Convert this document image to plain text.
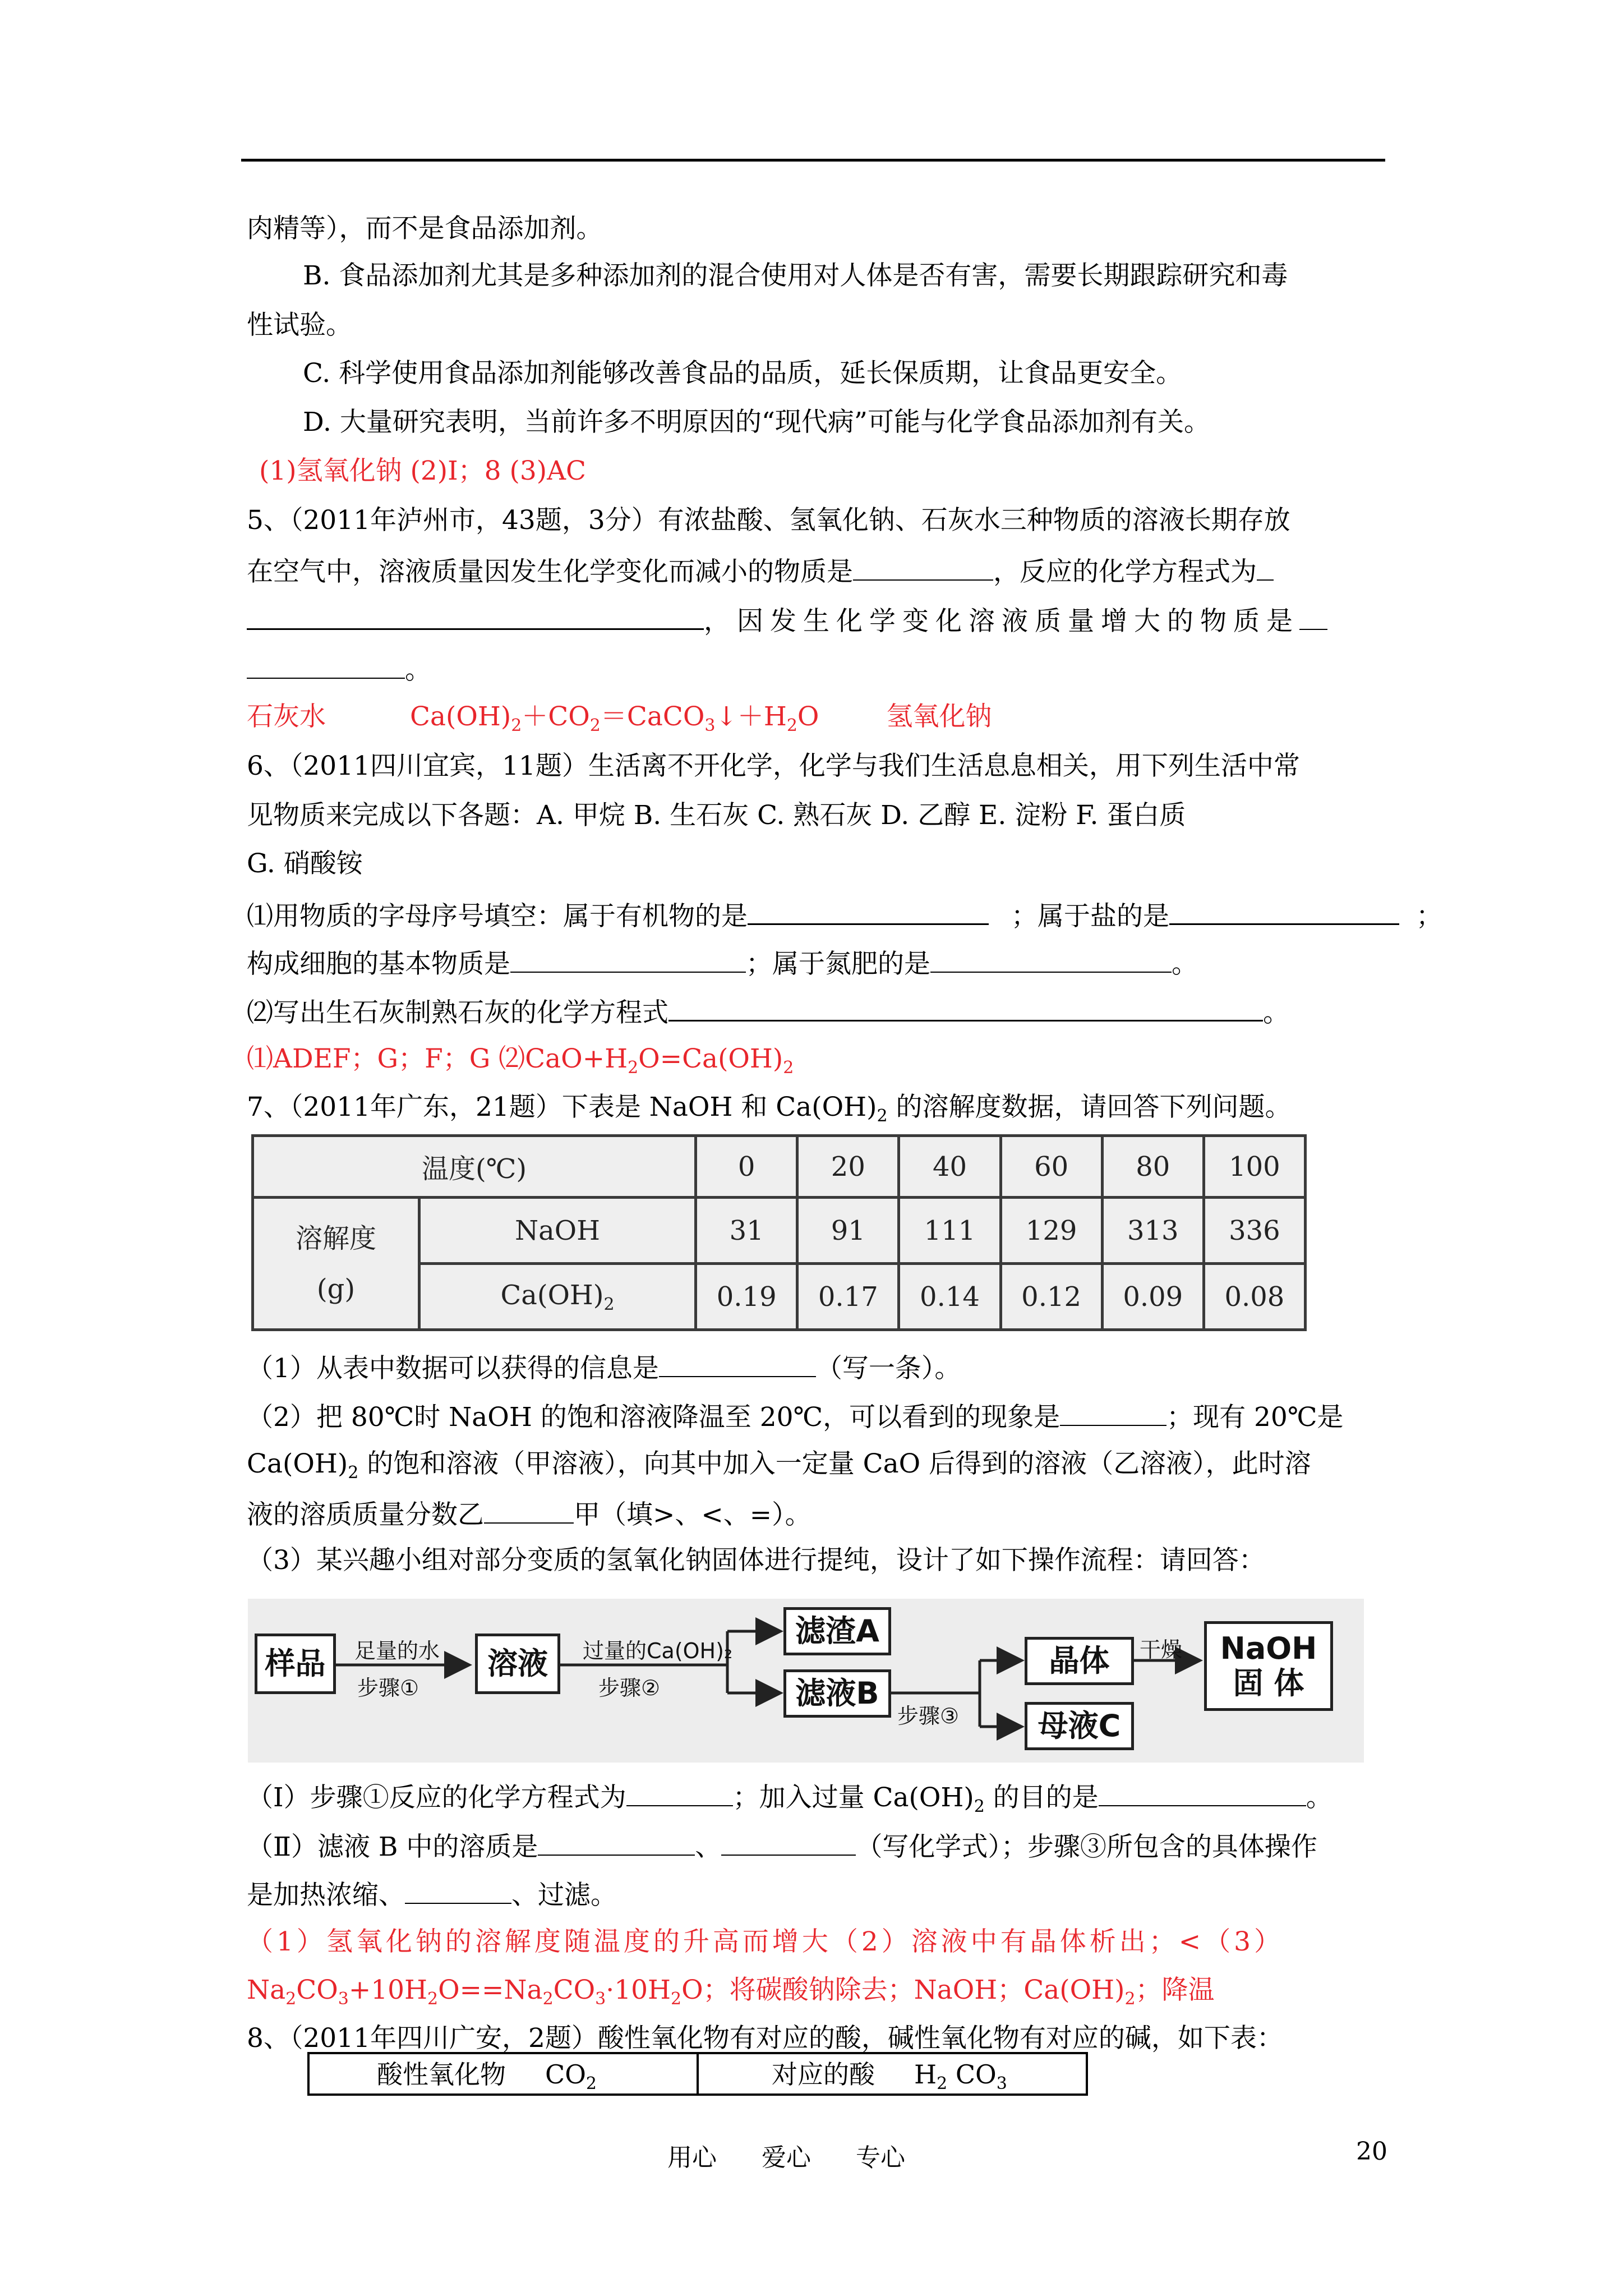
肉精等），而不是食品添加剂。
B. 食品添加剂尤其是多种添加剂的混合使用对人体是否有害，需要长期跟踪研究和毒
性试验。
C. 科学使用食品添加剂能够改善食品的品质，延长保质期，让食品更安全。
D. 大量研究表明，当前许多不明原因的“现代病”可能与化学食品添加剂有关。
(1)氢氧化钠 (2)Ⅰ；8 (3)AC
5、（2011年泸州市，43题，3分）有浓盐酸、氢氧化钠、石灰水三种物质的溶液长期存放
在空气中，溶液质量因发生化学变化而减小的物质是	，反应的化学方程式为
，因发生化学变化溶液质量增大的物质是
。
石灰水	$Ca(OH)_2+CO_2=CaCO_3↓+H_2O$	氢氧化钠
6、（2011四川宜宾，11题）生活离不开化学，化学与我们生活息息相关，用下列生活中常
见物质来完成以下各题：A. 甲烷 B. 生石灰 C. 熟石灰 D. 乙醇 E. 淀粉 F. 蛋白质
G. 硝酸铵
⑴用物质的字母序号填空：属于有机物的是	；属于盐的是	；
构成细胞的基本物质是	；属于氮肥的是	。
⑵写出生石灰制熟石灰的化学方程式	。
⑴ADEF；G；F；G $⑵CaO+H_2O=Ca(OH)_2$
7、（2011年广东，21题）下表是 NaOH 和 $Ca(OH)_2$ 的溶解度数据，请回答下列问题。
温度(℃)		0	20	40	60	80	100

溶解度
(g)	NaOH	31	91	111	129	313	336
	$Ca(OH)_2$	0.19	0.17	0.14	0.12	0.09	0.08
（1）从表中数据可以获得的信息是	（写一条）。
（2）把 80℃时 NaOH 的饱和溶液降温至 20℃，可以看到的现象是	；现有 20℃是
$Ca(OH)_2$ 的饱和溶液（甲溶液），向其中加入一定量 CaO 后得到的溶液（乙溶液），此时溶
液的溶质质量分数乙	甲（填>、<、=）。
（3）某兴趣小组对部分变质的氢氧化钠固体进行提纯，设计了如下操作流程：请回答：
样品	足量的水
步骤①
溶液	过量的Ca(OH)₂
步骤②
滤渣A
滤液B
步骤③
晶体
母液C
干燥 NaOH
固 体
（Ⅰ）步骤①反应的化学方程式为	；加入过量 $Ca(OH)_2$ 的目的是	。
（Ⅱ）滤液 B 中的溶质是	、	（写化学式）；步骤③所包含的具体操作
是加热浓缩、	、过滤。
（1）氢氧化钠的溶解度随温度的升高而增大（2）溶液中有晶体析出；<（3）
$Na_2CO_3+10H_2O==Na_2CO_3\cdot 10H_2O$；将碳酸钠除去；NaOH；$Ca(OH)_2$；降温
8、（2011年四川广安，2题）酸性氧化物有对应的酸，碱性氧化物有对应的碱，如下表：
酸性氧化物 $CO_2$	对应的酸 $H_2$ $CO_3$
用心 爱心 专心	20
